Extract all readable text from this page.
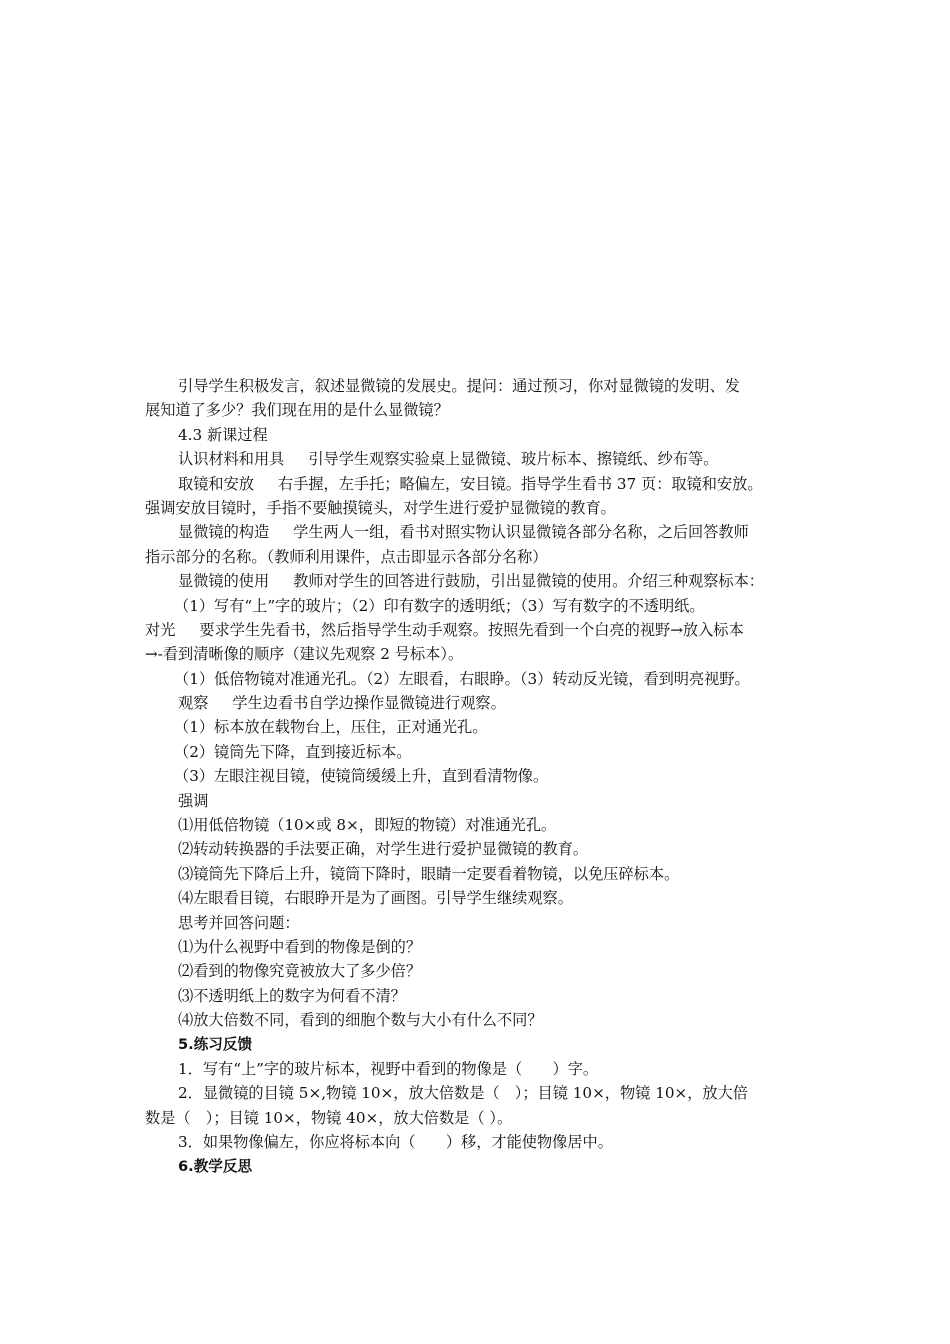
引导学生积极发言，叙述显微镜的发展史。提问：通过预习，你对显微镜的发明、发
展知道了多少？我们现在用的是什么显微镜？
4.3 新课过程
认识材料和用具 引导学生观察实验桌上显微镜、玻片标本、擦镜纸、纱布等。
取镜和安放 右手握，左手托；略偏左，安目镜。指导学生看书 37 页：取镜和安放。
强调安放目镜时，手指不要触摸镜头，对学生进行爱护显微镜的教育。
显微镜的构造 学生两人一组，看书对照实物认识显微镜各部分名称，之后回答教师
指示部分的名称。（教师利用课件，点击即显示各部分名称）
显微镜的使用 教师对学生的回答进行鼓励，引出显微镜的使用。介绍三种观察标本：
（1）写有“上”字的玻片；（2）印有数字的透明纸；（3）写有数字的不透明纸。
对光 要求学生先看书，然后指导学生动手观察。按照先看到一个白亮的视野→放入标本
→-看到清晰像的顺序（建议先观察 2 号标本）。
（1）低倍物镜对准通光孔。（2）左眼看，右眼睁。（3）转动反光镜，看到明亮视野。
观察 学生边看书自学边操作显微镜进行观察。
（1）标本放在载物台上，压住，正对通光孔。
（2）镜筒先下降，直到接近标本。
（3）左眼注视目镜，使镜筒缓缓上升，直到看清物像。
强调
⑴用低倍物镜（10×或 8×，即短的物镜）对准通光孔。
⑵转动转换器的手法要正确，对学生进行爱护显微镜的教育。
⑶镜筒先下降后上升，镜筒下降时，眼睛一定要看着物镜，以免压碎标本。
⑷左眼看目镜，右眼睁开是为了画图。引导学生继续观察。
思考并回答问题：
⑴为什么视野中看到的物像是倒的？
⑵看到的物像究竟被放大了多少倍？
⑶不透明纸上的数字为何看不清？
⑷放大倍数不同，看到的细胞个数与大小有什么不同？
5.练习反馈
1．写有“上”字的玻片标本，视野中看到的物像是（　　）字。
2．显微镜的目镜 5×,物镜 10×，放大倍数是（　）；目镜 10×，物镜 10×，放大倍
数是（　）；目镜 10×，物镜 40×，放大倍数是（ ）。
3．如果物像偏左，你应将标本向（　　）移，才能使物像居中。
6.教学反思
